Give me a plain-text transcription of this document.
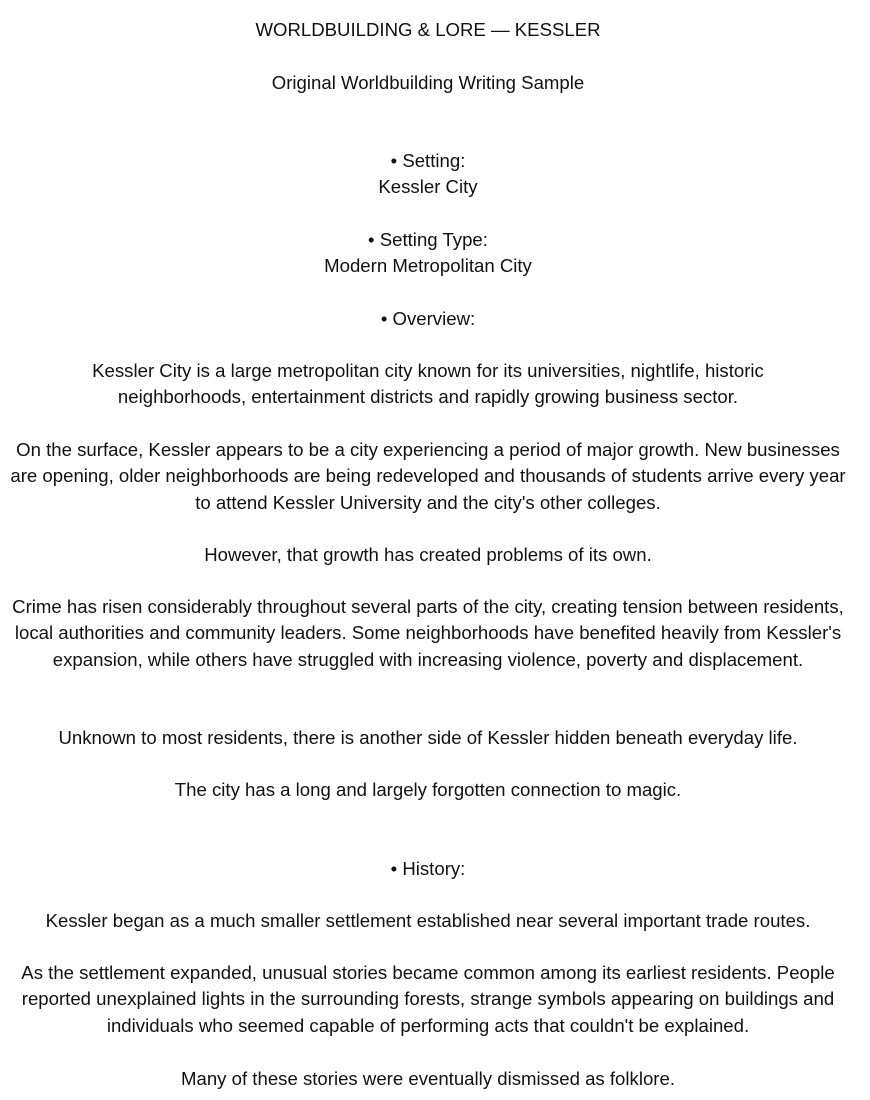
WORLDBUILDING & LORE — KESSLER

Original Worldbuilding Writing Sample

• Setting:

Kessler City

• Setting Type:

Modern Metropolitan City

• Overview:

Kessler City is a large metropolitan city known for its universities, nightlife, historic neighborhoods, entertainment districts and rapidly growing business sector.

On the surface, Kessler appears to be a city experiencing a period of major growth. New businesses are opening, older neighborhoods are being redeveloped and thousands of students arrive every year to attend Kessler University and the city's other colleges.

However, that growth has created problems of its own.

Crime has risen considerably throughout several parts of the city, creating tension between residents, local authorities and community leaders. Some neighborhoods have benefited heavily from Kessler's expansion, while others have struggled with increasing violence, poverty and displacement.

Unknown to most residents, there is another side of Kessler hidden beneath everyday life.

The city has a long and largely forgotten connection to magic.

• History:

Kessler began as a much smaller settlement established near several important trade routes.

As the settlement expanded, unusual stories became common among its earliest residents. People reported unexplained lights in the surrounding forests, strange symbols appearing on buildings and individuals who seemed capable of performing acts that couldn't be explained.

Many of these stories were eventually dismissed as folklore.
